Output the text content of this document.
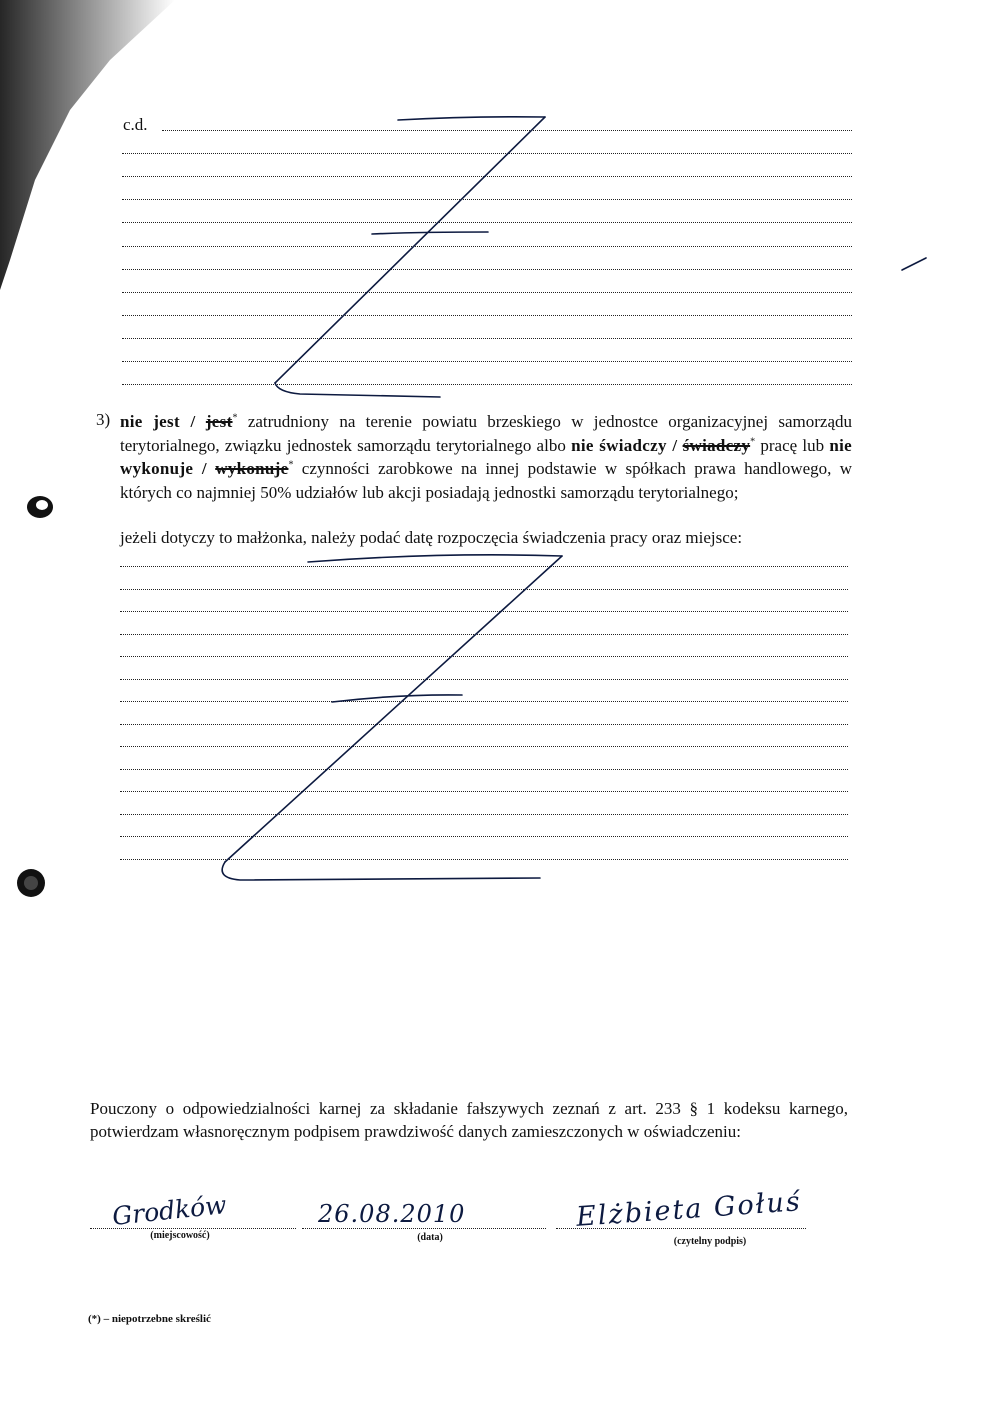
c.d.
3) nie jest / jest* zatrudniony na terenie powiatu brzeskiego w jednostce organizacyjnej samorządu terytorialnego, związku jednostek samorządu terytorialnego albo nie świadczy / świadczy* pracę lub nie wykonuje / wykonuje* czynności zarobkowe na innej podstawie w spółkach prawa handlowego, w których co najmniej 50% udziałów lub akcji posiadają jednostki samorządu terytorialnego;
jeżeli dotyczy to małżonka, należy podać datę rozpoczęcia świadczenia pracy oraz miejsce:
Pouczony o odpowiedzialności karnej za składanie fałszywych zeznań z art. 233 § 1 kodeksu karnego, potwierdzam własnoręcznym podpisem prawdziwość danych zamieszczonych w oświadczeniu:
Grodków	26.08.2010	Elżbieta Gołuś
(miejscowość)	(data)	(czytelny podpis)
(*) – niepotrzebne skreślić
